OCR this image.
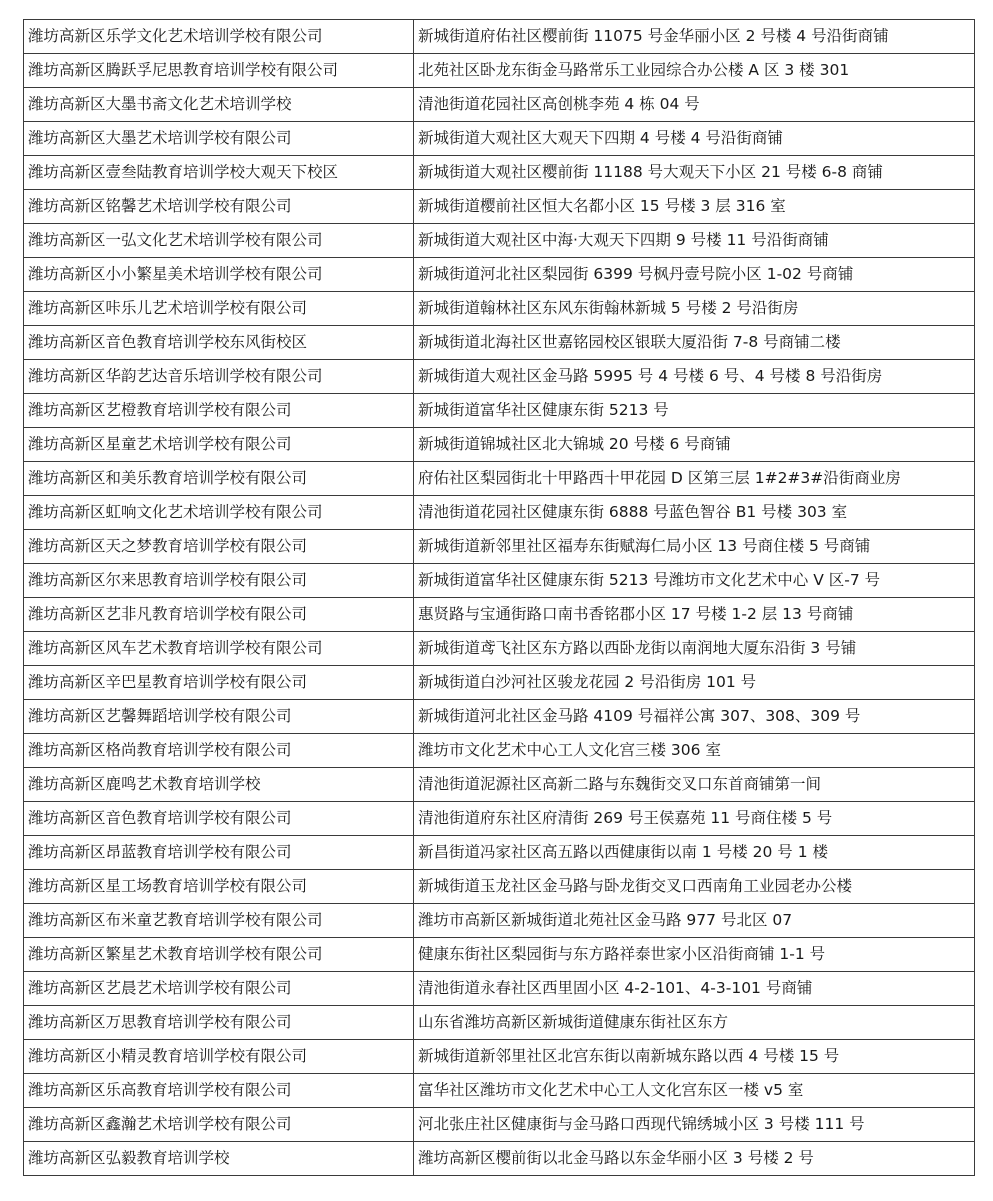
潍坊高新区乐学文化艺术培训学校有限公司	新城街道府佑社区樱前街 11075 号金华丽小区 2 号楼 4 号沿街商铺
潍坊高新区腾跃孚尼思教育培训学校有限公司	北苑社区卧龙东街金马路常乐工业园综合办公楼 A 区 3 楼 301
潍坊高新区大墨书斋文化艺术培训学校	清池街道花园社区高创桃李苑 4 栋 04 号
潍坊高新区大墨艺术培训学校有限公司	新城街道大观社区大观天下四期 4 号楼 4 号沿街商铺
潍坊高新区壹叁陆教育培训学校大观天下校区	新城街道大观社区樱前街 11188 号大观天下小区 21 号楼 6-8 商铺
潍坊高新区铭馨艺术培训学校有限公司	新城街道樱前社区恒大名都小区 15 号楼 3 层 316 室
潍坊高新区一弘文化艺术培训学校有限公司	新城街道大观社区中海·大观天下四期 9 号楼 11 号沿街商铺
潍坊高新区小小繁星美术培训学校有限公司	新城街道河北社区梨园街 6399 号枫丹壹号院小区 1-02 号商铺
潍坊高新区咔乐儿艺术培训学校有限公司	新城街道翰林社区东风东街翰林新城 5 号楼 2 号沿街房
潍坊高新区音色教育培训学校东风街校区	新城街道北海社区世嘉铭园校区银联大厦沿街 7-8 号商铺二楼
潍坊高新区华韵艺达音乐培训学校有限公司	新城街道大观社区金马路 5995 号 4 号楼 6 号、4 号楼 8 号沿街房
潍坊高新区艺橙教育培训学校有限公司	新城街道富华社区健康东街 5213 号
潍坊高新区星童艺术培训学校有限公司	新城街道锦城社区北大锦城 20 号楼 6 号商铺
潍坊高新区和美乐教育培训学校有限公司	府佑社区梨园街北十甲路西十甲花园 D 区第三层 1#2#3#沿街商业房
潍坊高新区虹响文化艺术培训学校有限公司	清池街道花园社区健康东街 6888 号蓝色智谷 B1 号楼 303 室
潍坊高新区天之梦教育培训学校有限公司	新城街道新邻里社区福寿东街赋海仁局小区 13 号商住楼 5 号商铺
潍坊高新区尔来思教育培训学校有限公司	新城街道富华社区健康东街 5213 号潍坊市文化艺术中心 V 区-7 号
潍坊高新区艺非凡教育培训学校有限公司	惠贤路与宝通街路口南书香铭郡小区 17 号楼 1-2 层 13 号商铺
潍坊高新区风车艺术教育培训学校有限公司	新城街道鸢飞社区东方路以西卧龙街以南润地大厦东沿街 3 号铺
潍坊高新区辛巴星教育培训学校有限公司	新城街道白沙河社区骏龙花园 2 号沿街房 101 号
潍坊高新区艺馨舞蹈培训学校有限公司	新城街道河北社区金马路 4109 号福祥公寓 307、308、309 号
潍坊高新区格尚教育培训学校有限公司	潍坊市文化艺术中心工人文化宫三楼 306 室
潍坊高新区鹿鸣艺术教育培训学校	清池街道泥源社区高新二路与东魏街交叉口东首商铺第一间
潍坊高新区音色教育培训学校有限公司	清池街道府东社区府清街 269 号王侯嘉苑 11 号商住楼 5 号
潍坊高新区昂蓝教育培训学校有限公司	新昌街道冯家社区高五路以西健康街以南 1 号楼 20 号 1 楼
潍坊高新区星工场教育培训学校有限公司	新城街道玉龙社区金马路与卧龙街交叉口西南角工业园老办公楼
潍坊高新区布米童艺教育培训学校有限公司	潍坊市高新区新城街道北苑社区金马路 977 号北区 07
潍坊高新区繁星艺术教育培训学校有限公司	健康东街社区梨园街与东方路祥泰世家小区沿街商铺 1-1 号
潍坊高新区艺晨艺术培训学校有限公司	清池街道永春社区西里固小区 4-2-101、4-3-101 号商铺
潍坊高新区万思教育培训学校有限公司	山东省潍坊高新区新城街道健康东街社区东方
潍坊高新区小精灵教育培训学校有限公司	新城街道新邻里社区北宫东街以南新城东路以西 4 号楼 15 号
潍坊高新区乐高教育培训学校有限公司	富华社区潍坊市文化艺术中心工人文化宫东区一楼 v5 室
潍坊高新区鑫瀚艺术培训学校有限公司	河北张庄社区健康街与金马路口西现代锦绣城小区 3 号楼 111 号
潍坊高新区弘毅教育培训学校	潍坊高新区樱前街以北金马路以东金华丽小区 3 号楼 2 号
